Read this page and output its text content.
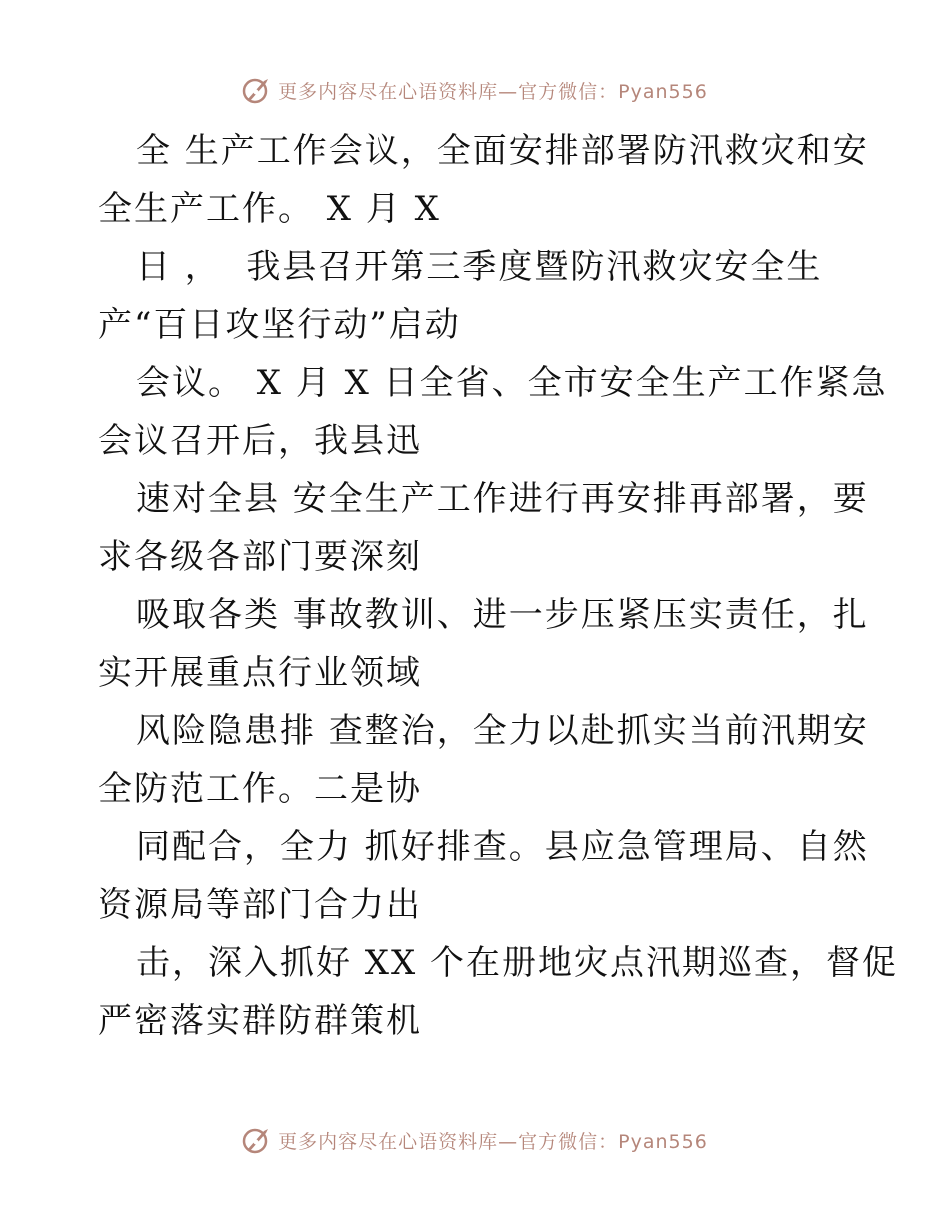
更多内容尽在心语资料库—官方微信：Pyan556
全 生产工作会议，全面安排部署防汛救灾和安
全生产工作。 X 月 X
日 ，  我县召开第三季度暨防汛救灾安全生
产“百日攻坚行动”启动
会议。 X 月 X 日全省、全市安全生产工作紧急
会议召开后，我县迅
速对全县 安全生产工作进行再安排再部署，要
求各级各部门要深刻
吸取各类 事故教训、进一步压紧压实责任，扎
实开展重点行业领域
风险隐患排 查整治，全力以赴抓实当前汛期安
全防范工作。二是协
同配合，全力 抓好排查。县应急管理局、自然
资源局等部门合力出
击，深入抓好 XX 个在册地灾点汛期巡查，督促
严密落实群防群策机
更多内容尽在心语资料库—官方微信：Pyan556
